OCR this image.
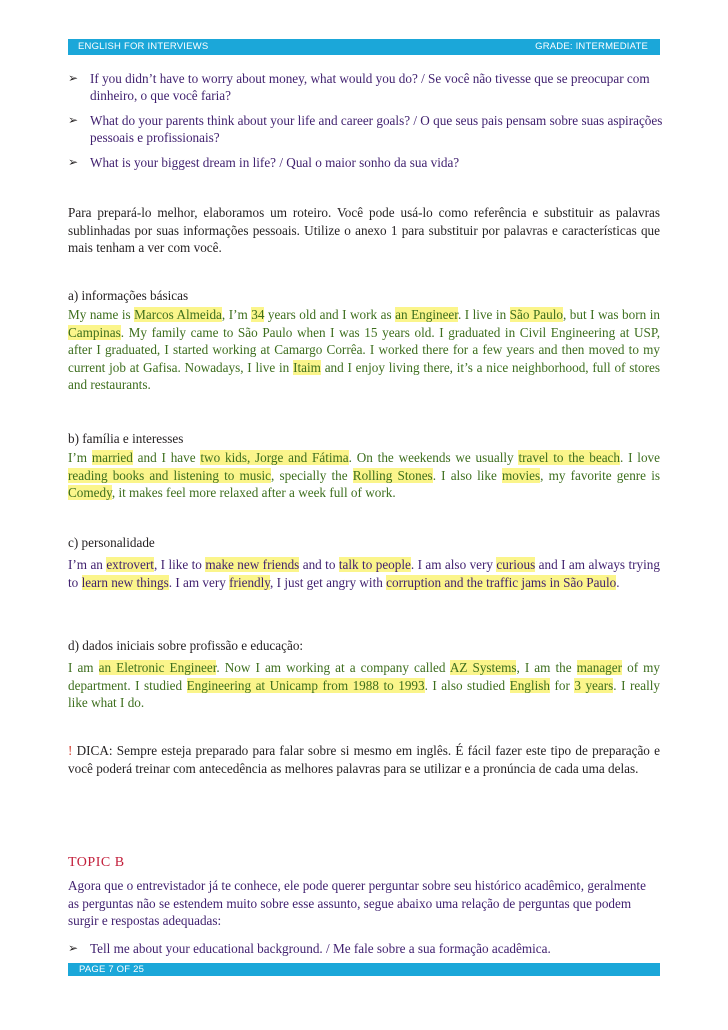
ENGLISH FOR INTERVIEWS	GRADE: INTERMEDIATE
➢ If you didn’t have to worry about money, what would you do? / Se você não tivesse que se preocupar com dinheiro, o que você faria?
➢ What do your parents think about your life and career goals? / O que seus pais pensam sobre suas aspirações pessoais e profissionais?
➢ What is your biggest dream in life? / Qual o maior sonho da sua vida?
Para prepará-lo melhor, elaboramos um roteiro. Você pode usá-lo como referência e substituir as palavras sublinhadas por suas informações pessoais. Utilize o anexo 1 para substituir por palavras e características que mais tenham a ver com você.
a) informações básicas
My name is Marcos Almeida, I’m 34 years old and I work as an Engineer. I live in São Paulo, but I was born in Campinas. My family came to São Paulo when I was 15 years old. I graduated in Civil Engineering at USP, after I graduated, I started working at Camargo Corrêa. I worked there for a few years and then moved to my current job at Gafisa. Nowadays, I live in Itaim and I enjoy living there, it’s a nice neighborhood, full of stores and restaurants.
b) família e interesses
I’m married and I have two kids, Jorge and Fátima. On the weekends we usually travel to the beach. I love reading books and listening to music, specially the Rolling Stones. I also like movies, my favorite genre is Comedy, it makes feel more relaxed after a week full of work.
c) personalidade
I’m an extrovert, I like to make new friends and to talk to people. I am also very curious and I am always trying to learn new things. I am very friendly, I just get angry with corruption and the traffic jams in São Paulo.
d) dados iniciais sobre profissão e educação:
I am an Eletronic Engineer. Now I am working at a company called AZ Systems, I am the manager of my department. I studied Engineering at Unicamp from 1988 to 1993. I also studied English for 3 years. I really like what I do.
! DICA: Sempre esteja preparado para falar sobre si mesmo em inglês. É fácil fazer este tipo de preparação e você poderá treinar com antecedência as melhores palavras para se utilizar e a pronúncia de cada uma delas.
TOPIC B
Agora que o entrevistador já te conhece, ele pode querer perguntar sobre seu histórico acadêmico, geralmente as perguntas não se estendem muito sobre esse assunto, segue abaixo uma relação de perguntas que podem surgir e respostas adequadas:
➢ Tell me about your educational background. / Me fale sobre a sua formação acadêmica.
PAGE 7 OF 25
